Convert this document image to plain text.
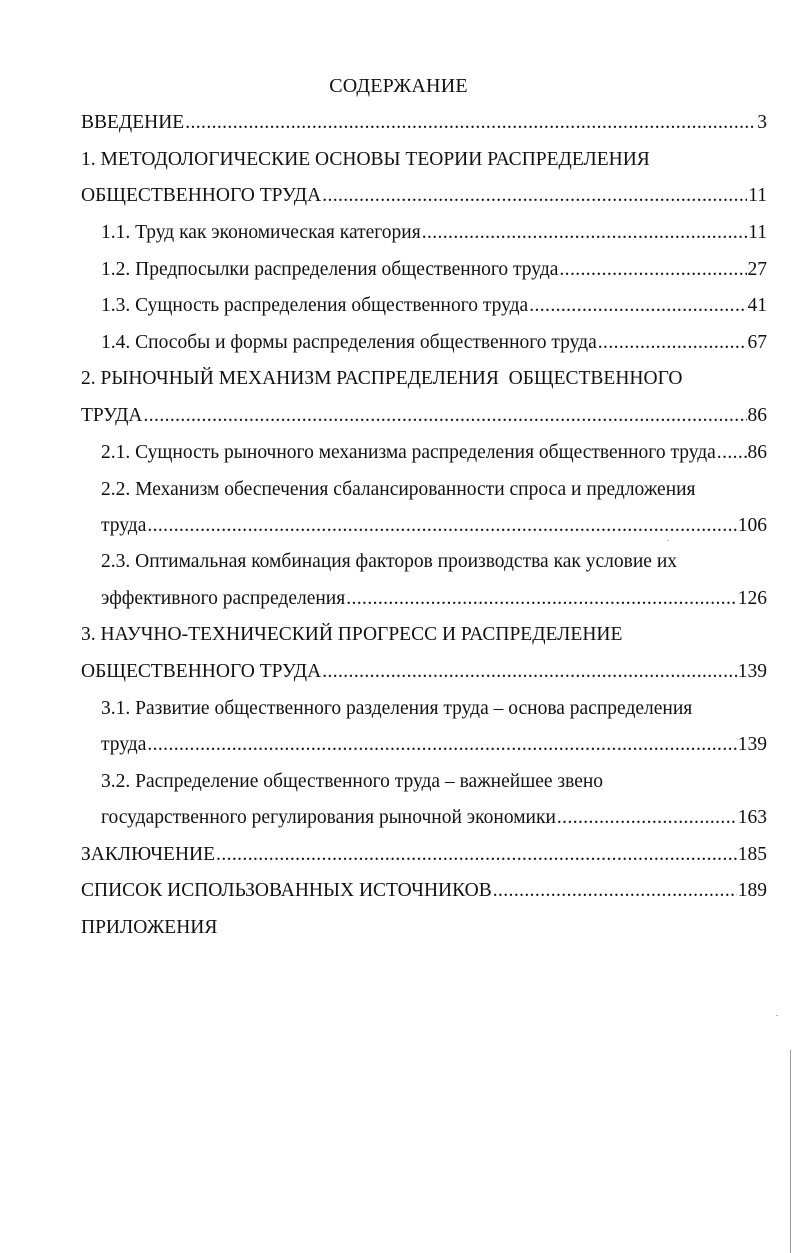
СОДЕРЖАНИЕ
ВВЕДЕНИЕ .....	3
1. МЕТОДОЛОГИЧЕСКИЕ ОСНОВЫ ТЕОРИИ РАСПРЕДЕЛЕНИЯ
ОБЩЕСТВЕННОГО ТРУДА .....	11
1.1. Труд как экономическая категория .....	11
1.2. Предпосылки распределения общественного труда .....	27
1.3. Сущность распределения общественного труда .....	41
1.4. Способы и формы распределения общественного труда .....	67
2. РЫНОЧНЫЙ МЕХАНИЗМ РАСПРЕДЕЛЕНИЯ  ОБЩЕСТВЕННОГО
ТРУДА .....	86
2.1. Сущность рыночного механизма распределения общественного труда ..... 86
2.2. Механизм обеспечения сбалансированности спроса и предложения
труда .....	106
2.3. Оптимальная комбинация факторов производства как условие их
эффективного распределения .....	126
3. НАУЧНО-ТЕХНИЧЕСКИЙ ПРОГРЕСС И РАСПРЕДЕЛЕНИЕ
ОБЩЕСТВЕННОГО ТРУДА .....	139
3.1. Развитие общественного разделения труда – основа распределения
труда .....	139
3.2. Распределение общественного труда – важнейшее звено
государственного регулирования рыночной экономики .....	163
ЗАКЛЮЧЕНИЕ .....	185
СПИСОК ИСПОЛЬЗОВАННЫХ ИСТОЧНИКОВ .....	189
ПРИЛОЖЕНИЯ
